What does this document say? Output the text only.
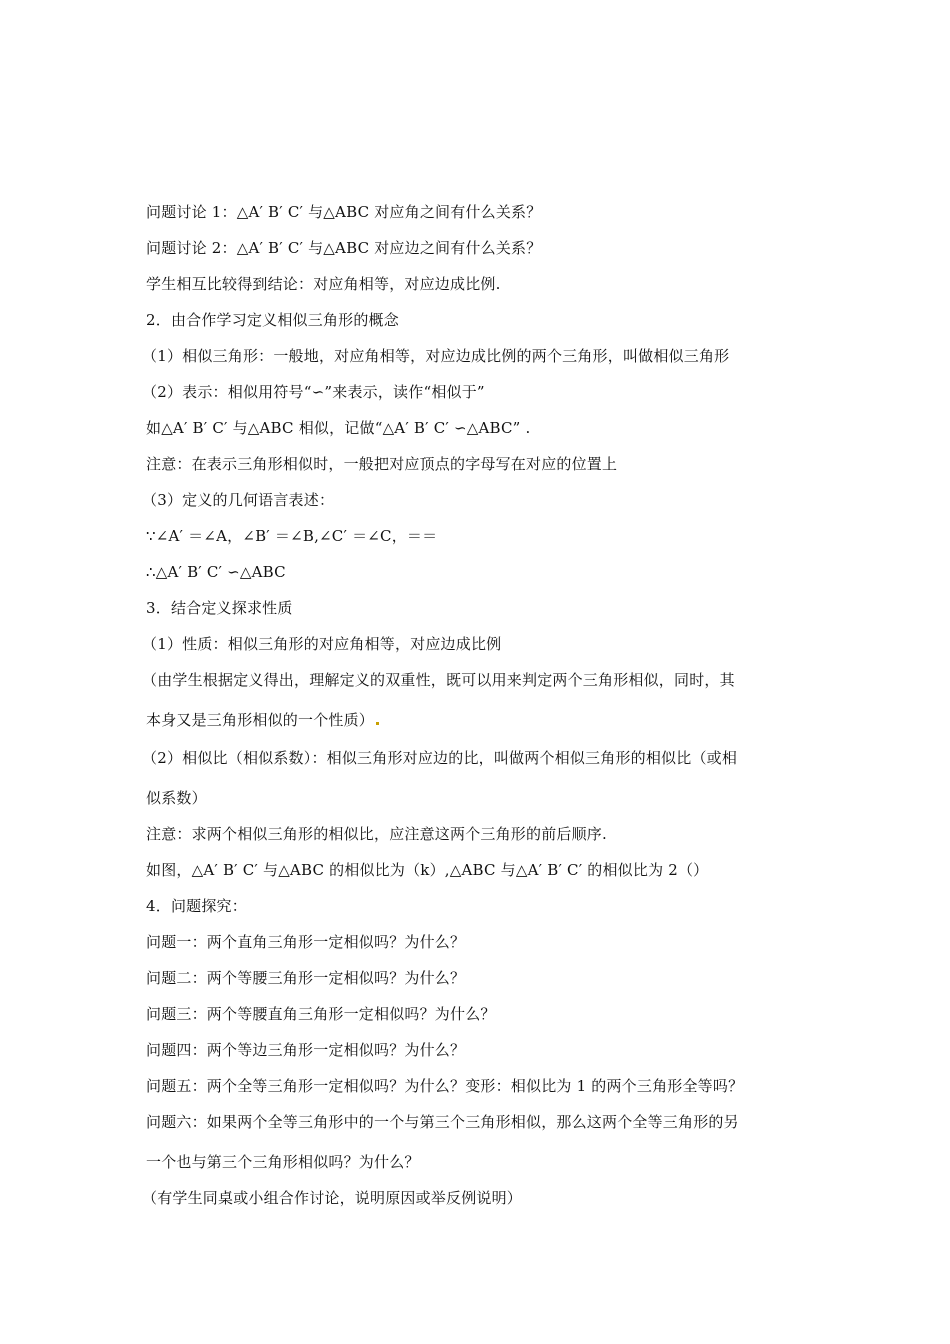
问题讨论 1：△A′ B′ C′ 与△ABC 对应角之间有什么关系？
问题讨论 2：△A′ B′ C′ 与△ABC 对应边之间有什么关系？
学生相互比较得到结论：对应角相等，对应边成比例.
2．由合作学习定义相似三角形的概念
（1）相似三角形：一般地，对应角相等，对应边成比例的两个三角形，叫做相似三角形
（2）表示：相似用符号“∽”来表示，读作“相似于”
如△A′ B′ C′ 与△ABC 相似，记做“△A′ B′ C′ ∽△ABC” .
注意：在表示三角形相似时，一般把对应顶点的字母写在对应的位置上
（3）定义的几何语言表述：
∵∠A′ ＝∠A，∠B′ ＝∠B,∠C′ ＝∠C，＝＝
∴△A′ B′ C′ ∽△ABC
3．结合定义探求性质
（1）性质：相似三角形的对应角相等，对应边成比例
（由学生根据定义得出，理解定义的双重性，既可以用来判定两个三角形相似，同时，其
本身又是三角形相似的一个性质）
（2）相似比（相似系数）：相似三角形对应边的比，叫做两个相似三角形的相似比（或相
似系数）
注意：求两个相似三角形的相似比，应注意这两个三角形的前后顺序.
如图，△A′ B′ C′ 与△ABC 的相似比为（k）,△ABC 与△A′ B′ C′ 的相似比为 2（）
4．问题探究：
问题一：两个直角三角形一定相似吗？为什么？
问题二：两个等腰三角形一定相似吗？为什么？
问题三：两个等腰直角三角形一定相似吗？为什么？
问题四：两个等边三角形一定相似吗？为什么？
问题五：两个全等三角形一定相似吗？为什么？变形：相似比为 1 的两个三角形全等吗？
问题六：如果两个全等三角形中的一个与第三个三角形相似，那么这两个全等三角形的另
一个也与第三个三角形相似吗？为什么？
（有学生同桌或小组合作讨论，说明原因或举反例说明）
